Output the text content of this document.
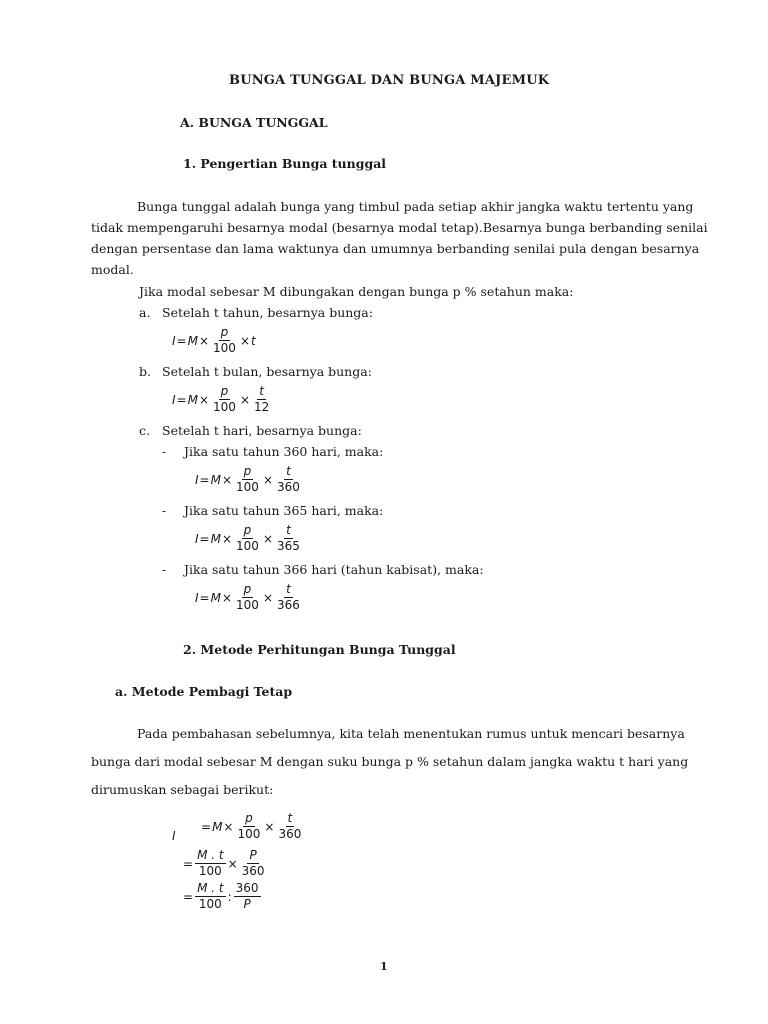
BUNGA TUNGGAL DAN BUNGA MAJEMUK
A. BUNGA TUNGGAL
1. Pengertian Bunga tunggal
Bunga tunggal adalah bunga yang timbul pada setiap akhir jangka waktu tertentu yang
tidak mempengaruhi besarnya modal (besarnya modal tetap).Besarnya bunga berbanding senilai
dengan persentase dan lama waktunya dan umumnya berbanding senilai pula dengan besarnya
modal.
Jika modal sebesar M dibungakan dengan bunga p % setahun maka:
a. Setelah t tahun, besarnya bunga:
$I = M \times \frac{p}{100} \times t$
b. Setelah t bulan, besarnya bunga:
$I = M \times \frac{p}{100} \times \frac{t}{12}$
c. Setelah t hari, besarnya bunga:
- Jika satu tahun 360 hari, maka:
$I = M \times \frac{p}{100} \times \frac{t}{360}$
- Jika satu tahun 365 hari, maka:
$I = M \times \frac{p}{100} \times \frac{t}{365}$
- Jika satu tahun 366 hari (tahun kabisat), maka:
$I = M \times \frac{p}{100} \times \frac{t}{366}$
2. Metode Perhitungan Bunga Tunggal
a. Metode Pembagi Tetap
Pada pembahasan sebelumnya, kita telah menentukan rumus untuk mencari besarnya
bunga dari modal sebesar M dengan suku bunga p % setahun dalam jangka waktu t hari yang
dirumuskan sebagai berikut:
I
= $M \times \frac{p}{100} \times \frac{t}{360}$
= $\frac{M . t}{100} \times \frac{P}{360}$
= $\frac{M . t}{100}$ : $\frac{360}{P}$
1
